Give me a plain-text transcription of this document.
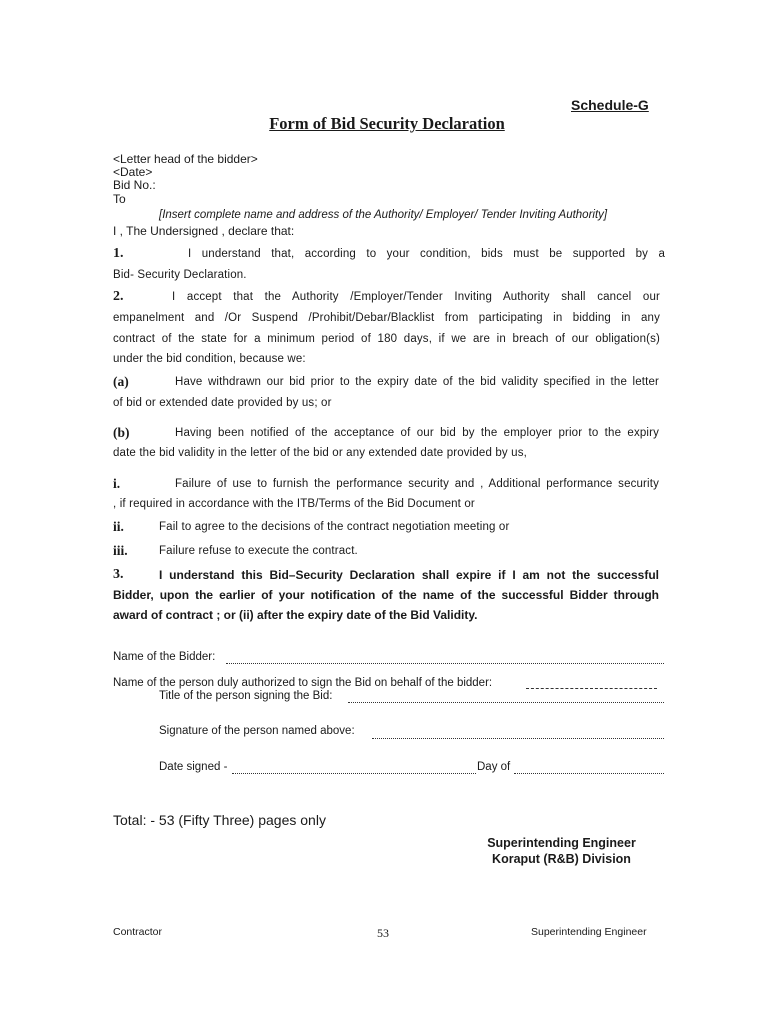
Schedule-G
Form of Bid Security Declaration
<Letter head of the bidder>
<Date>
Bid No.:
To
[Insert complete name and address of the Authority/ Employer/ Tender Inviting Authority]
I , The Undersigned , declare that:
1.	I understand that, according to your condition, bids must be supported by a
Bid- Security Declaration.
2.	I accept that the Authority /Employer/Tender Inviting Authority shall cancel our
empanelment and /Or Suspend /Prohibit/Debar/Blacklist from participating in bidding in any
contract of the state for a minimum period of 180 days, if we are in breach of our obligation(s)
under the bid condition, because we:
(a)	Have withdrawn our bid prior to the expiry date of the bid validity specified in the letter
of bid or extended date provided by us; or
(b)	Having been notified of the acceptance of our bid by the employer prior to the expiry
date the bid validity in the letter of the bid or any extended date provided by us,
i.	Failure of use to furnish the performance security and , Additional performance security
, if required in accordance with the ITB/Terms of the Bid Document or
ii.	Fail to agree to the decisions of the contract negotiation meeting or
iii.	Failure refuse to execute the contract.
3.	I understand this Bid–Security Declaration shall expire if I am not the successful
Bidder, upon the earlier of your notification of the name of the successful Bidder through
award of contract ; or (ii) after the expiry date of the Bid Validity.
Name of the Bidder:
Name of the person duly authorized to sign the Bid on behalf of the bidder:
Title of the person signing the Bid:
Signature of the person named above:
Date signed -	Day of
Total: - 53 (Fifty Three) pages only
Superintending Engineer
Koraput (R&B) Division
Contractor	53	Superintending Engineer
